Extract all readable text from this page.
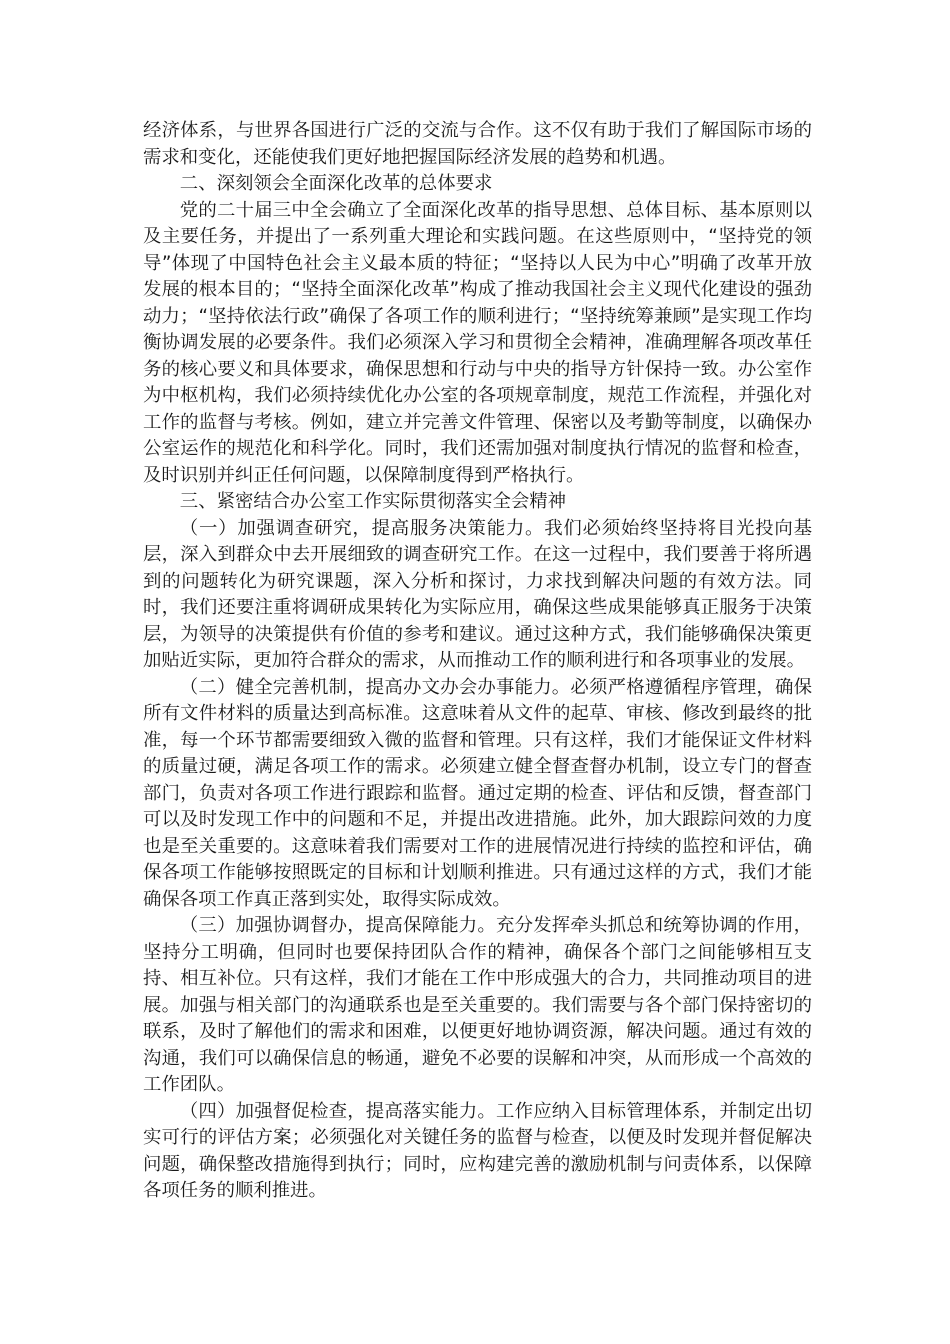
经济体系，与世界各国进行广泛的交流与合作。这不仅有助于我们了解国际市场的需求和变化，还能使我们更好地把握国际经济发展的趋势和机遇。

二、深刻领会全面深化改革的总体要求

党的二十届三中全会确立了全面深化改革的指导思想、总体目标、基本原则以及主要任务，并提出了一系列重大理论和实践问题。在这些原则中，“坚持党的领导”体现了中国特色社会主义最本质的特征；“坚持以人民为中心”明确了改革开放发展的根本目的；“坚持全面深化改革”构成了推动我国社会主义现代化建设的强劲动力；“坚持依法行政”确保了各项工作的顺利进行；“坚持统筹兼顾”是实现工作均衡协调发展的必要条件。我们必须深入学习和贯彻全会精神，准确理解各项改革任务的核心要义和具体要求，确保思想和行动与中央的指导方针保持一致。办公室作为中枢机构，我们必须持续优化办公室的各项规章制度，规范工作流程，并强化对工作的监督与考核。例如，建立并完善文件管理、保密以及考勤等制度，以确保办公室运作的规范化和科学化。同时，我们还需加强对制度执行情况的监督和检查，及时识别并纠正任何问题，以保障制度得到严格执行。

三、紧密结合办公室工作实际贯彻落实全会精神

（一）加强调查研究，提高服务决策能力。我们必须始终坚持将目光投向基层，深入到群众中去开展细致的调查研究工作。在这一过程中，我们要善于将所遇到的问题转化为研究课题，深入分析和探讨，力求找到解决问题的有效方法。同时，我们还要注重将调研成果转化为实际应用，确保这些成果能够真正服务于决策层，为领导的决策提供有价值的参考和建议。通过这种方式，我们能够确保决策更加贴近实际，更加符合群众的需求，从而推动工作的顺利进行和各项事业的发展。

（二）健全完善机制，提高办文办会办事能力。必须严格遵循程序管理，确保所有文件材料的质量达到高标准。这意味着从文件的起草、审核、修改到最终的批准，每一个环节都需要细致入微的监督和管理。只有这样，我们才能保证文件材料的质量过硬，满足各项工作的需求。必须建立健全督查督办机制，设立专门的督查部门，负责对各项工作进行跟踪和监督。通过定期的检查、评估和反馈，督查部门可以及时发现工作中的问题和不足，并提出改进措施。此外，加大跟踪问效的力度也是至关重要的。这意味着我们需要对工作的进展情况进行持续的监控和评估，确保各项工作能够按照既定的目标和计划顺利推进。只有通过这样的方式，我们才能确保各项工作真正落到实处，取得实际成效。

（三）加强协调督办，提高保障能力。充分发挥牵头抓总和统筹协调的作用，坚持分工明确，但同时也要保持团队合作的精神，确保各个部门之间能够相互支持、相互补位。只有这样，我们才能在工作中形成强大的合力，共同推动项目的进展。加强与相关部门的沟通联系也是至关重要的。我们需要与各个部门保持密切的联系，及时了解他们的需求和困难，以便更好地协调资源，解决问题。通过有效的沟通，我们可以确保信息的畅通，避免不必要的误解和冲突，从而形成一个高效的工作团队。

（四）加强督促检查，提高落实能力。工作应纳入目标管理体系，并制定出切实可行的评估方案；必须强化对关键任务的监督与检查，以便及时发现并督促解决问题，确保整改措施得到执行；同时，应构建完善的激励机制与问责体系，以保障各项任务的顺利推进。
